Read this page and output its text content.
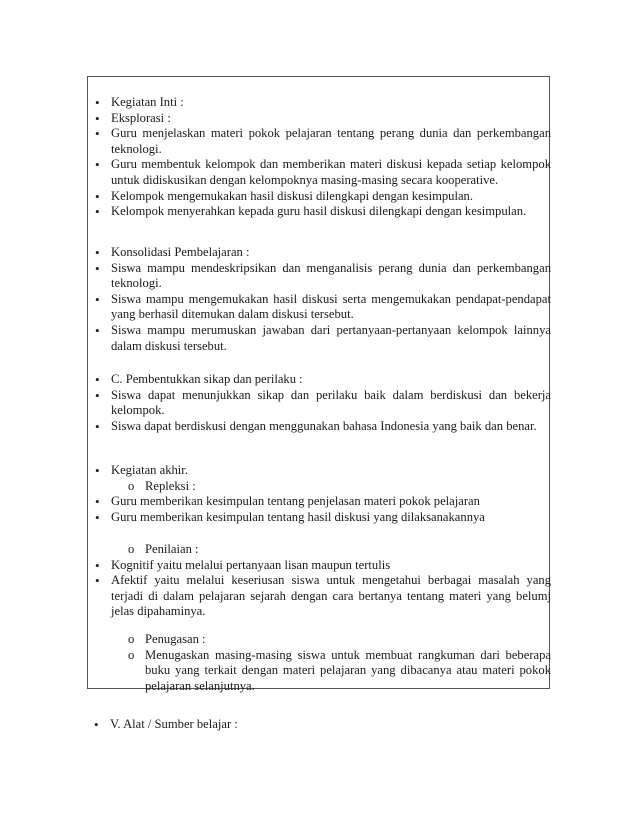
• Kegiatan Inti :
• Eksplorasi :
• Guru menjelaskan materi pokok pelajaran tentang perang dunia dan perkembangan teknologi.
• Guru membentuk kelompok dan memberikan materi diskusi kepada setiap kelompok untuk didiskusikan dengan kelompoknya masing-masing secara kooperative.
• Kelompok mengemukakan hasil diskusi dilengkapi dengan kesimpulan.
• Kelompok menyerahkan kepada guru hasil diskusi dilengkapi dengan kesimpulan.
• Konsolidasi Pembelajaran :
• Siswa mampu mendeskripsikan dan menganalisis perang dunia dan perkembangan teknologi.
• Siswa mampu mengemukakan hasil diskusi serta mengemukakan pendapat-pendapat yang berhasil ditemukan dalam diskusi tersebut.
• Siswa mampu merumuskan jawaban dari pertanyaan-pertanyaan kelompok lainnya dalam diskusi tersebut.
• C. Pembentukkan sikap dan perilaku :
• Siswa dapat menunjukkan sikap dan perilaku baik dalam berdiskusi dan bekerja kelompok.
• Siswa dapat berdiskusi dengan menggunakan bahasa Indonesia yang baik dan benar.
• Kegiatan akhir.
o Repleksi :
• Guru memberikan kesimpulan tentang penjelasan materi pokok pelajaran
• Guru memberikan kesimpulan tentang hasil diskusi yang dilaksanakannya
o Penilaian :
• Kognitif yaitu melalui pertanyaan lisan maupun tertulis
• Afektif yaitu melalui keseriusan siswa untuk mengetahui berbagai masalah yang terjadi di dalam pelajaran sejarah dengan cara bertanya tentang materi yang belumj jelas dipahaminya.
o Penugasan :
o Menugaskan masing-masing siswa untuk membuat rangkuman dari beberapa buku yang terkait dengan materi pelajaran yang dibacanya atau materi pokok pelajaran selanjutnya.
• V. Alat / Sumber belajar :
